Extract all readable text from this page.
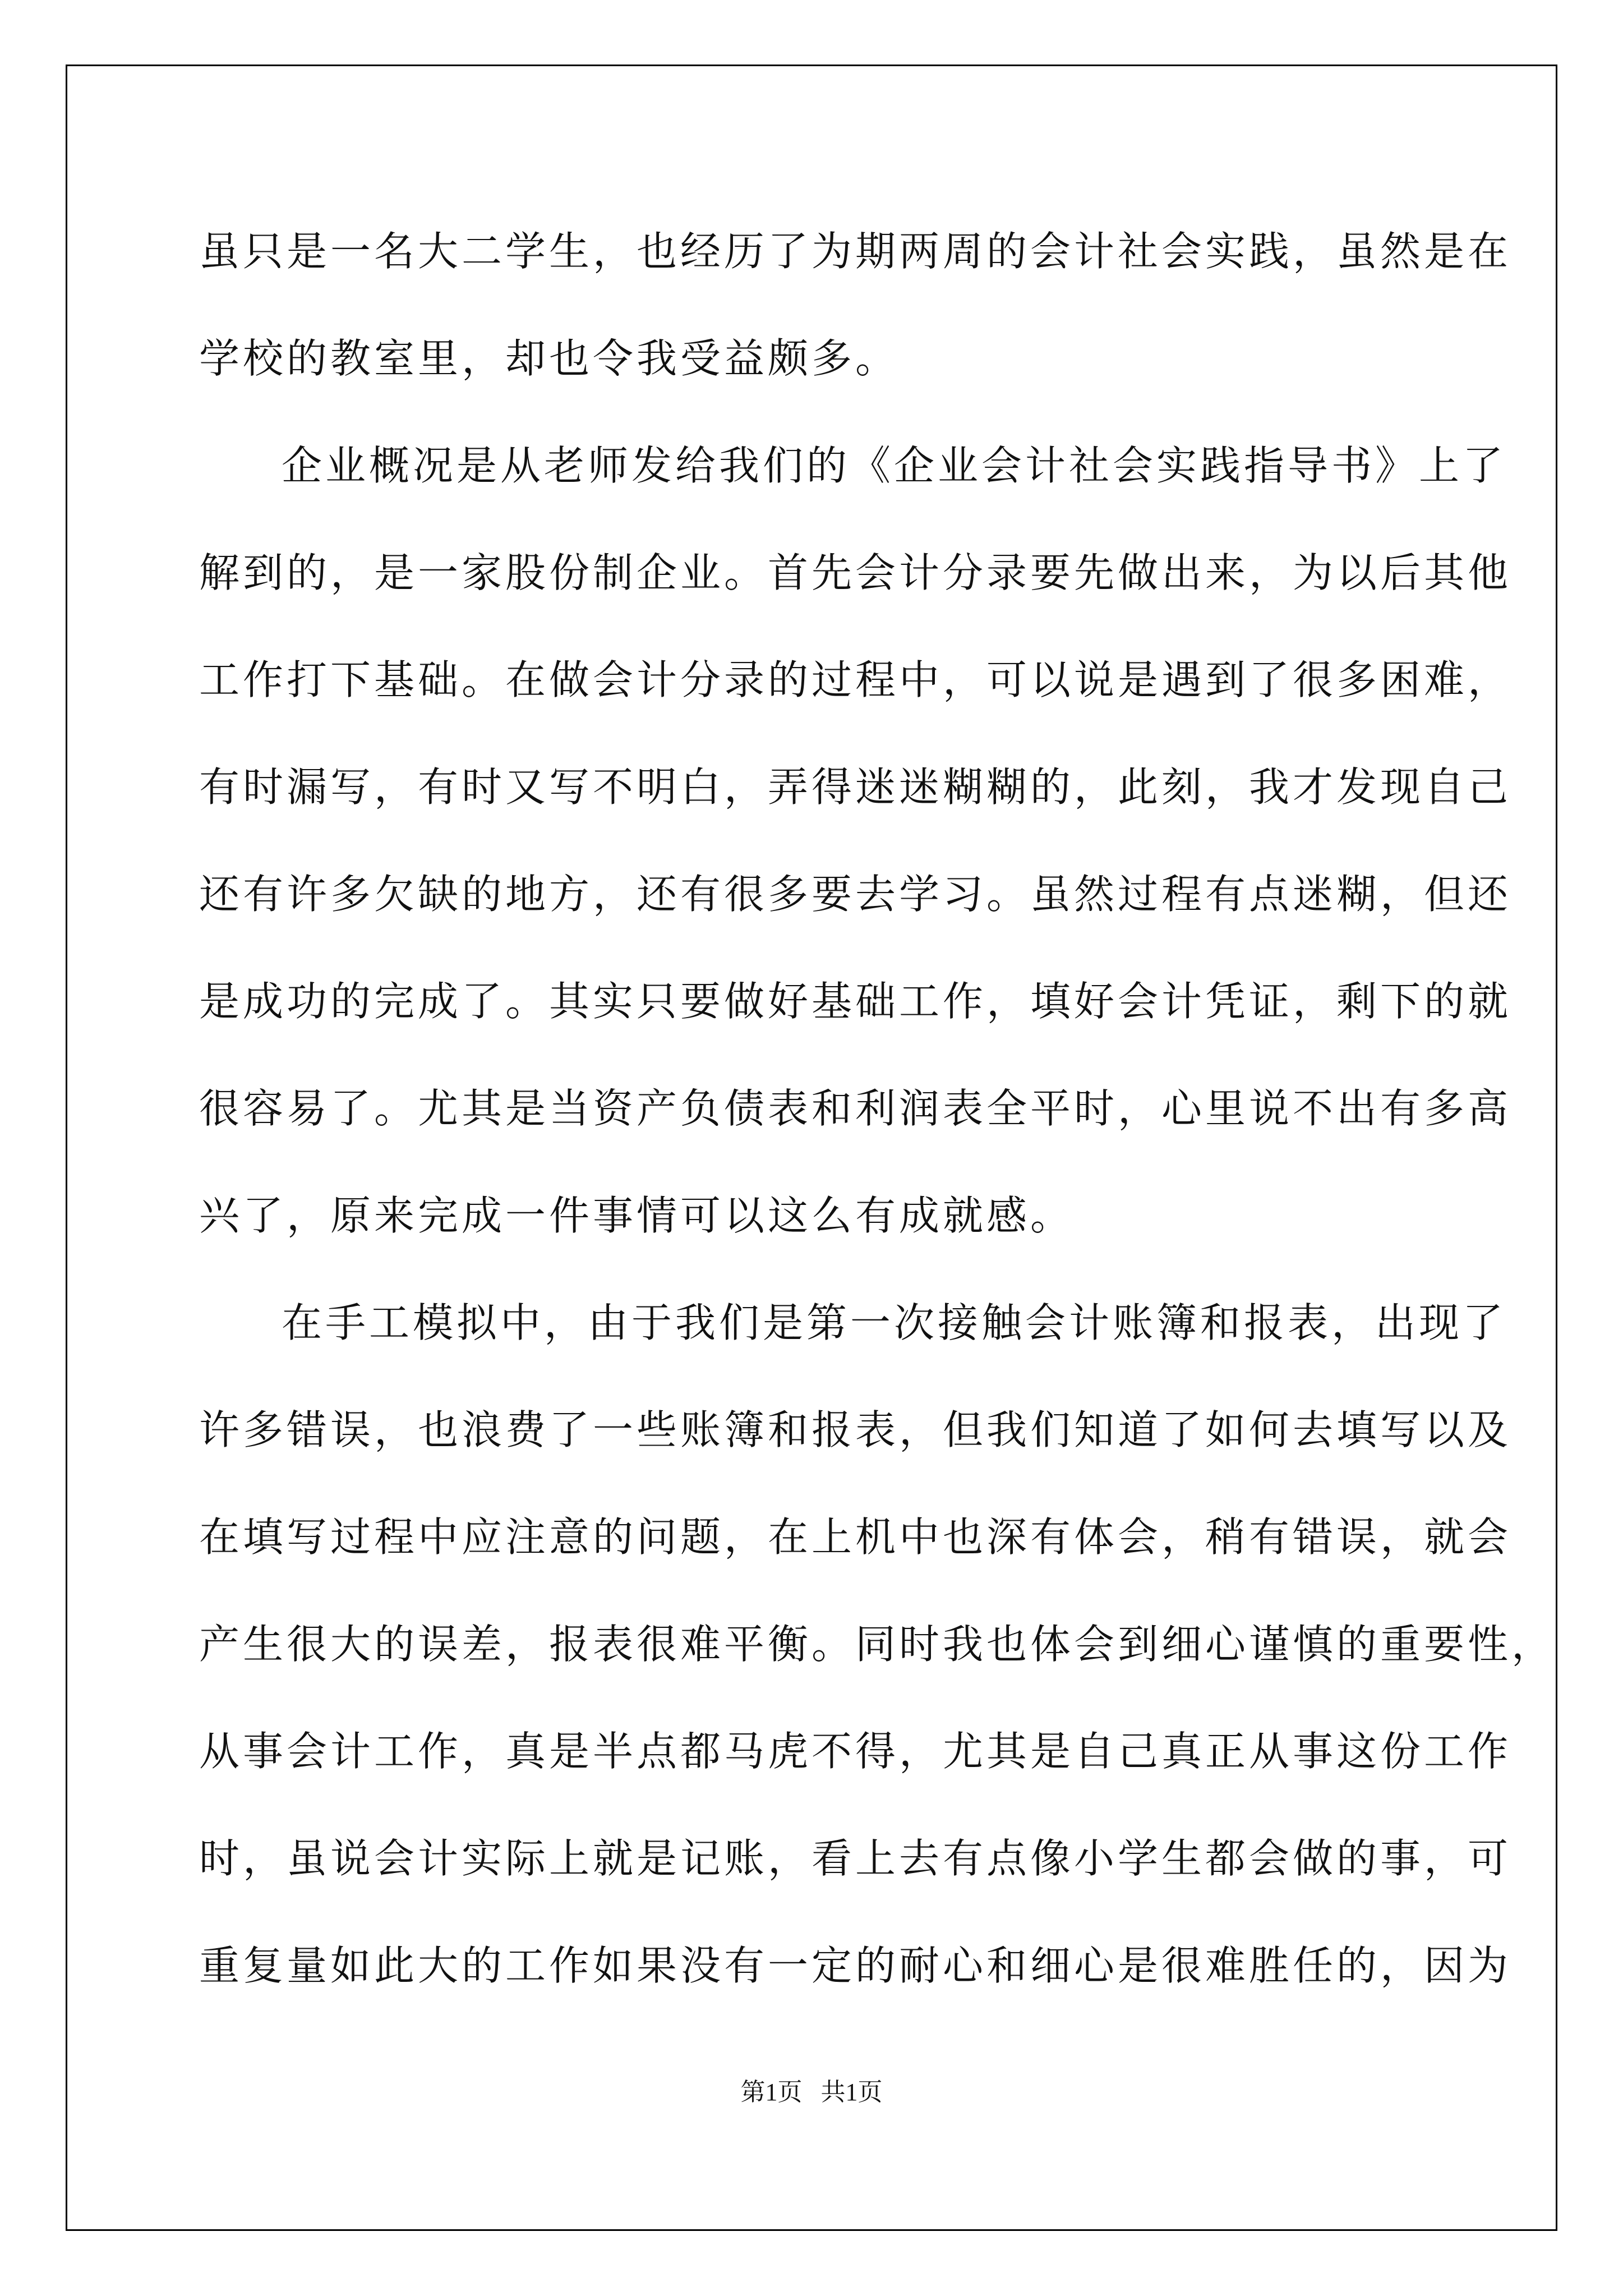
虽只是一名大二学生，也经历了为期两周的会计社会实践，虽然是在
学校的教室里，却也令我受益颇多。
企业概况是从老师发给我们的《企业会计社会实践指导书》上了
解到的，是一家股份制企业。首先会计分录要先做出来，为以后其他
工作打下基础。在做会计分录的过程中，可以说是遇到了很多困难，
有时漏写，有时又写不明白，弄得迷迷糊糊的，此刻，我才发现自己
还有许多欠缺的地方，还有很多要去学习。虽然过程有点迷糊，但还
是成功的完成了。其实只要做好基础工作，填好会计凭证，剩下的就
很容易了。尤其是当资产负债表和利润表全平时，心里说不出有多高
兴了，原来完成一件事情可以这么有成就感。
在手工模拟中，由于我们是第一次接触会计账簿和报表，出现了
许多错误，也浪费了一些账簿和报表，但我们知道了如何去填写以及
在填写过程中应注意的问题，在上机中也深有体会，稍有错误，就会
产生很大的误差，报表很难平衡。同时我也体会到细心谨慎的重要性，
从事会计工作，真是半点都马虎不得，尤其是自己真正从事这份工作
时，虽说会计实际上就是记账，看上去有点像小学生都会做的事，可
重复量如此大的工作如果没有一定的耐心和细心是很难胜任的，因为
第1页   共1页
